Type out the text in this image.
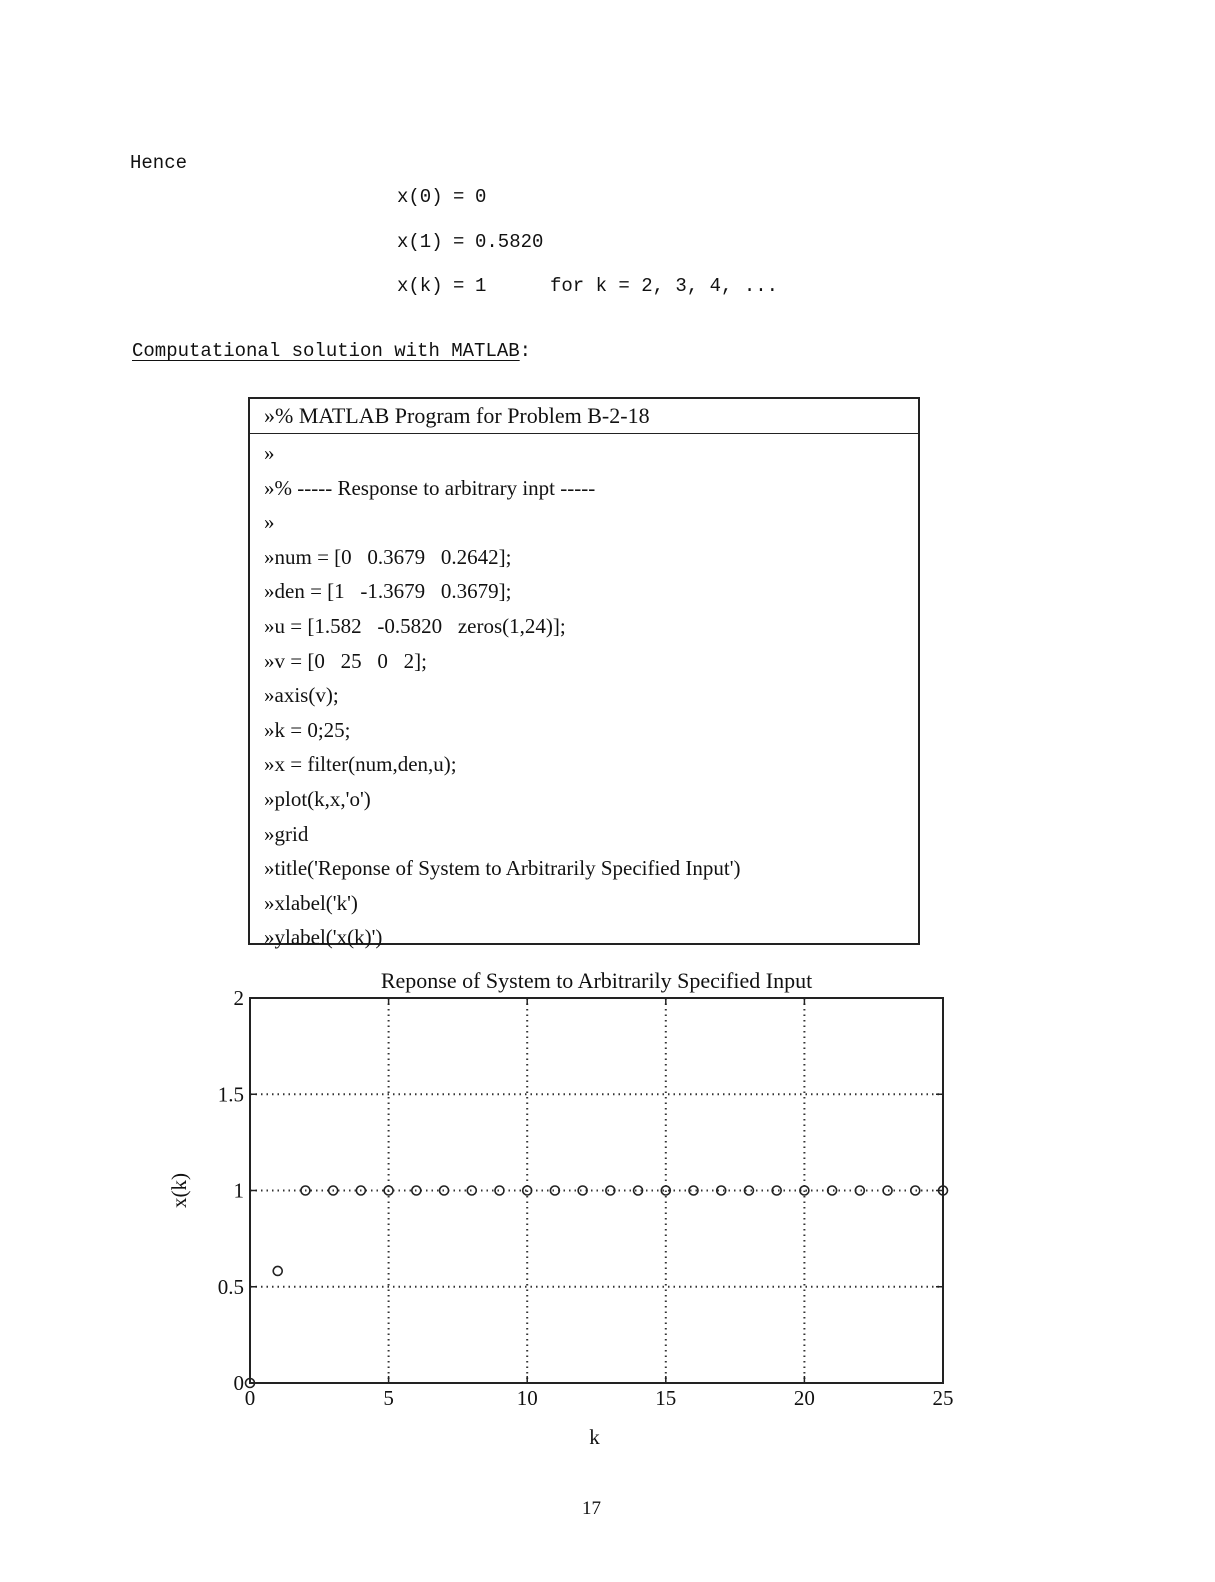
Hence
x(0) = 0
x(1) = 0.5820
x(k) = 1	for k = 2, 3, 4, ...
Computational solution with MATLAB:
»% MATLAB Program for Problem B-2-18
»
»% ----- Response to arbitrary inpt -----
»
»num = [0   0.3679   0.2642];
»den = [1   -1.3679   0.3679];
»u = [1.582   -0.5820   zeros(1,24)];
»v = [0   25   0   2];
»axis(v);
»k = 0;25;
»x = filter(num,den,u);
»plot(k,x,'o')
»grid
»title('Reponse of System to Arbitrarily Specified Input')
»xlabel('k')
»ylabel('x(k)')
Reponse of System to Arbitrarily Specified Input
0	5	10	15	20	25
0
0.5
1
1.5
2
k
x(k)
17
